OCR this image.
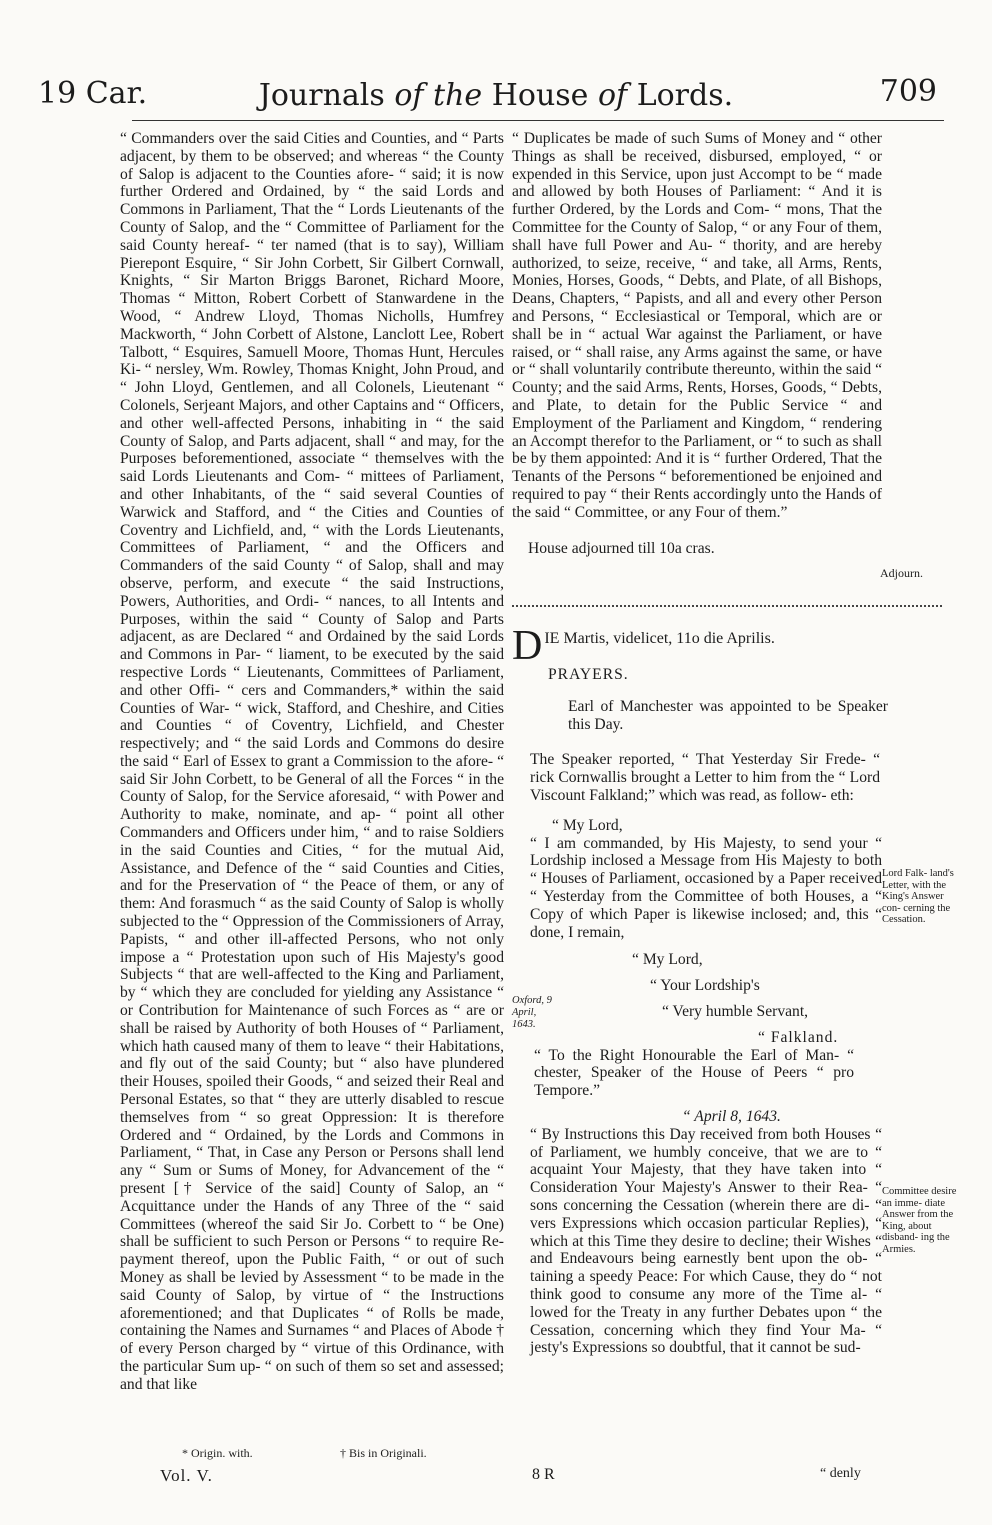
19 Car.	Journals of the House of Lords.	709

“ Commanders over the said Cities and Counties, and “ Parts adjacent, by them to be observed; and whereas “ the County of Salop is adjacent to the Counties afore- “ said; it is now further Ordered and Ordained, by “ the said Lords and Commons in Parliament, That the “ Lords Lieutenants of the County of Salop, and the “ Committee of Parliament for the said County hereaf- “ ter named (that is to say), William Pierepont Esquire, “ Sir John Corbett, Sir Gilbert Cornwall, Knights, “ Sir Marton Briggs Baronet, Richard Moore, Thomas “ Mitton, Robert Corbett of Stanwardene in the Wood, “ Andrew Lloyd, Thomas Nicholls, Humfrey Mackworth, “ John Corbett of Alstone, Lanclott Lee, Robert Talbott, “ Esquires, Samuell Moore, Thomas Hunt, Hercules Ki- “ nersley, Wm. Rowley, Thomas Knight, John Proud, and “ John Lloyd, Gentlemen, and all Colonels, Lieutenant “ Colonels, Serjeant Majors, and other Captains and “ Officers, and other well-affected Persons, inhabiting in “ the said County of Salop, and Parts adjacent, shall “ and may, for the Purposes beforementioned, associate “ themselves with the said Lords Lieutenants and Com- “ mittees of Parliament, and other Inhabitants, of the “ said several Counties of Warwick and Stafford, and “ the Cities and Counties of Coventry and Lichfield, and, “ with the Lords Lieutenants, Committees of Parliament, “ and the Officers and Commanders of the said County “ of Salop, shall and may observe, perform, and execute “ the said Instructions, Powers, Authorities, and Ordi- “ nances, to all Intents and Purposes, within the said “ County of Salop and Parts adjacent, as are Declared “ and Ordained by the said Lords and Commons in Par- “ liament, to be executed by the said respective Lords “ Lieutenants, Committees of Parliament, and other Offi- “ cers and Commanders,* within the said Counties of War- “ wick, Stafford, and Cheshire, and Cities and Counties “ of Coventry, Lichfield, and Chester respectively; and “ the said Lords and Commons do desire the said “ Earl of Essex to grant a Commission to the afore- “ said Sir John Corbett, to be General of all the Forces “ in the County of Salop, for the Service aforesaid, “ with Power and Authority to make, nominate, and ap- “ point all other Commanders and Officers under him, “ and to raise Soldiers in the said Counties and Cities, “ for the mutual Aid, Assistance, and Defence of the “ said Counties and Cities, and for the Preservation of “ the Peace of them, or any of them: And forasmuch “ as the said County of Salop is wholly subjected to the “ Oppression of the Commissioners of Array, Papists, “ and other ill-affected Persons, who not only impose a “ Protestation upon such of His Majesty's good Subjects “ that are well-affected to the King and Parliament, by “ which they are concluded for yielding any Assistance “ or Contribution for Maintenance of such Forces as “ are or shall be raised by Authority of both Houses of “ Parliament, which hath caused many of them to leave “ their Habitations, and fly out of the said County; but “ also have plundered their Houses, spoiled their Goods, “ and seized their Real and Personal Estates, so that “ they are utterly disabled to rescue themselves from “ so great Oppression: It is therefore Ordered and “ Ordained, by the Lords and Commons in Parliament, “ That, in Case any Person or Persons shall lend any “ Sum or Sums of Money, for Advancement of the “ present [† Service of the said] County of Salop, an “ Acquittance under the Hands of any Three of the “ said Committees (whereof the said Sir Jo. Corbett to “ be One) shall be sufficient to such Person or Persons “ to require Re-payment thereof, upon the Public Faith, “ or out of such Money as shall be levied by Assessment “ to be made in the said County of Salop, by virtue of “ the Instructions aforementioned; and that Duplicates “ of Rolls be made, containing the Names and Surnames “ and Places of Abode † of every Person charged by “ virtue of this Ordinance, with the particular Sum up- “ on such of them so set and assessed; and that like

“ Duplicates be made of such Sums of Money and “ other Things as shall be received, disbursed, employed, “ or expended in this Service, upon just Accompt to be “ made and allowed by both Houses of Parliament: “ And it is further Ordered, by the Lords and Com- “ mons, That the Committee for the County of Salop, “ or any Four of them, shall have full Power and Au- “ thority, and are hereby authorized, to seize, receive, “ and take, all Arms, Rents, Monies, Horses, Goods, “ Debts, and Plate, of all Bishops, Deans, Chapters, “ Papists, and all and every other Person and Persons, “ Ecclesiastical or Temporal, which are or shall be in “ actual War against the Parliament, or have raised, or “ shall raise, any Arms against the same, or have or “ shall voluntarily contribute thereunto, within the said “ County; and the said Arms, Rents, Horses, Goods, “ Debts, and Plate, to detain for the Public Service “ and Employment of the Parliament and Kingdom, “ rendering an Accompt therefor to the Parliament, or “ to such as shall be by them appointed: And it is “ further Ordered, That the Tenants of the Persons “ beforementioned be enjoined and required to pay “ their Rents accordingly unto the Hands of the said “ Committee, or any Four of them.”

House adjourned till 10a cras.

Adjourn.

DIE Martis, videlicet, 11o die Aprilis.

PRAYERS.

Earl of Manchester was appointed to be Speaker this Day.

The Speaker reported, “ That Yesterday Sir Frede- “ rick Cornwallis brought a Letter to him from the “ Lord Viscount Falkland;” which was read, as follow- eth:

“ My Lord,

“ I am commanded, by His Majesty, to send your “ Lordship inclosed a Message from His Majesty to both “ Houses of Parliament, occasioned by a Paper received “ Yesterday from the Committee of both Houses, a “ Copy of which Paper is likewise inclosed; and, this “ done, I remain,

“ My Lord,

“ Your Lordship's

“ Very humble Servant,

“ Falkland.

“ To the Right Honourable the Earl of Man- “ chester, Speaker of the House of Peers “ pro Tempore.”

“ April 8, 1643.

“ By Instructions this Day received from both Houses “ of Parliament, we humbly conceive, that we are to “ acquaint Your Majesty, that they have taken into “ Consideration Your Majesty's Answer to their Rea- “ sons concerning the Cessation (wherein there are di- “ vers Expressions which occasion particular Replies), “ which at this Time they desire to decline; their Wishes “ and Endeavours being earnestly bent upon the ob- “ taining a speedy Peace: For which Cause, they do “ not think good to consume any more of the Time al- “ lowed for the Treaty in any further Debates upon “ the Cessation, concerning which they find Your Ma- “ jesty's Expressions so doubtful, that it cannot be sud-

Lord Falk- land's Letter, with the King's Answer con- cerning the Cessation.
Committee desire an imme- diate Answer from the King, about disband- ing the Armies.
Oxford, 9 April, 1643.
* Origin. with.	† Bis in Originali.
Vol. V.	8 R	“ denly
